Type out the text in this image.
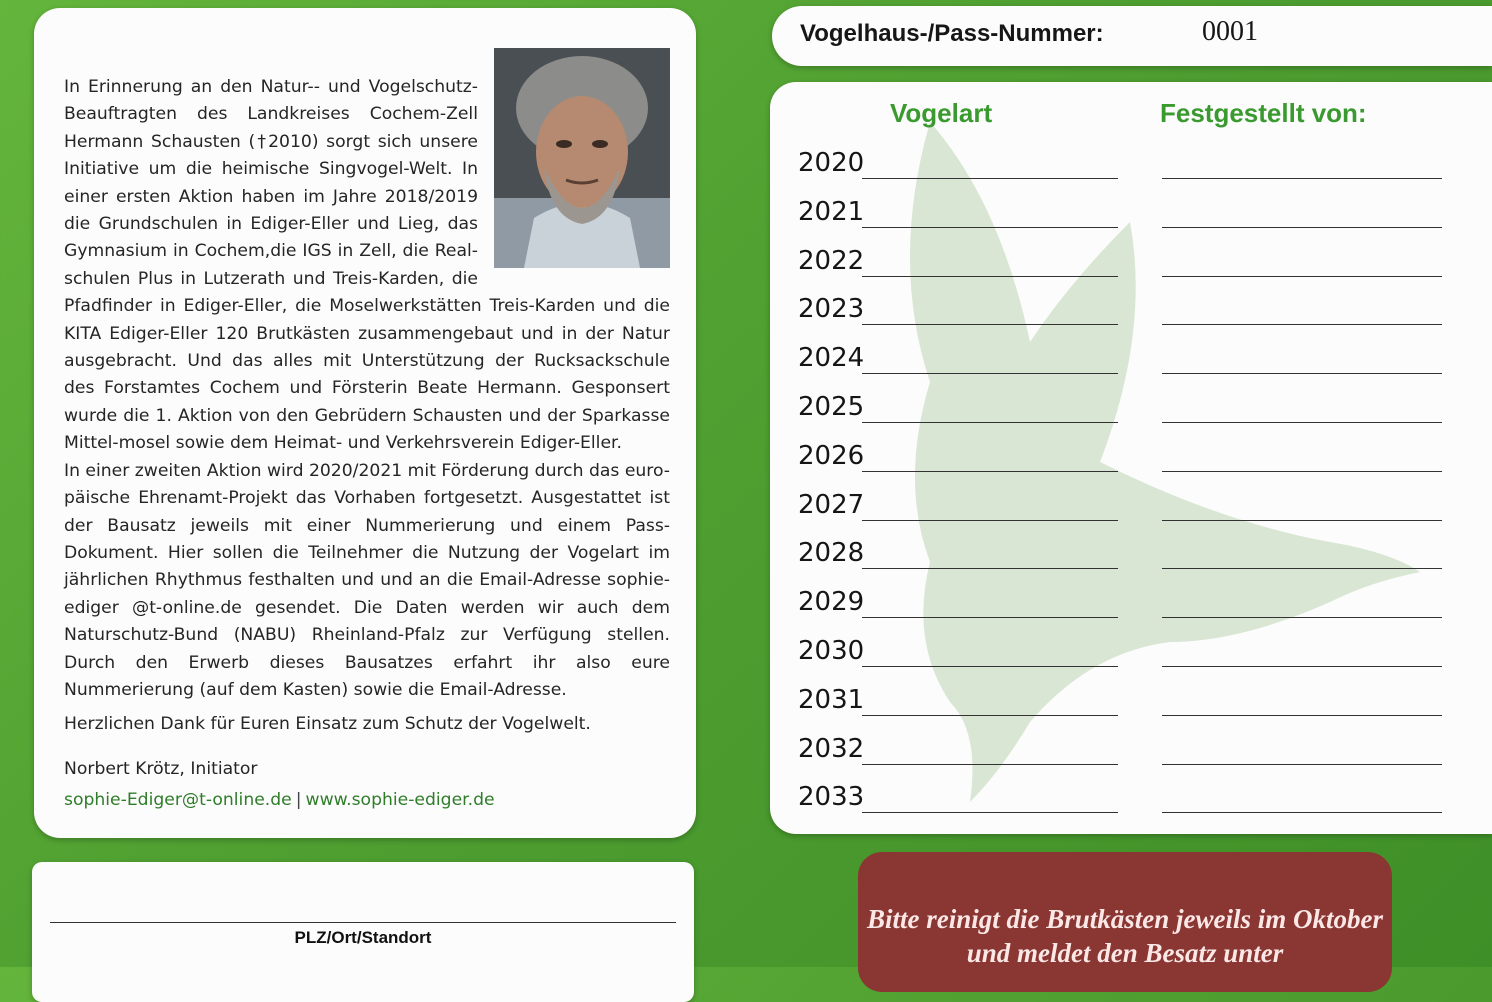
In Erinnerung an den Natur-- und Vogelschutz-Beauftragten des Landkreises Cochem-Zell Hermann Schausten (†2010) sorgt sich unsere Initiative um die heimische Singvogel-Welt. In einer ersten Aktion haben im Jahre 2018/2019 die Grundschulen in Ediger-Eller und Lieg, das Gymnasium in Cochem,die IGS in Zell, die Real-schulen Plus in Lutzerath und Treis-Karden, die Pfadfinder in Ediger-Eller, die Moselwerkstätten Treis-Karden und die KITA Ediger-Eller 120 Brutkästen zusammengebaut und in der Natur ausgebracht. Und das alles mit Unterstützung der Rucksackschule des Forstamtes Cochem und Försterin Beate Hermann. Gesponsert wurde die 1. Aktion von den Gebrüdern Schausten und der Sparkasse Mittel-mosel sowie dem Heimat- und Verkehrsverein Ediger-Eller.

In einer zweiten Aktion wird 2020/2021 mit Förderung durch das euro-päische Ehrenamt-Projekt das Vorhaben fortgesetzt. Ausgestattet ist der Bausatz jeweils mit einer Nummerierung und einem Pass-Dokument. Hier sollen die Teilnehmer die Nutzung der Vogelart im jährlichen Rhythmus festhalten und und an die Email-Adresse sophie-ediger @t-online.de gesendet. Die Daten werden wir auch dem Naturschutz-Bund (NABU) Rheinland-Pfalz zur Verfügung stellen. Durch den Erwerb dieses Bausatzes erfahrt ihr also eure Nummerierung (auf dem Kasten) sowie die Email-Adresse.

Herzlichen Dank für Euren Einsatz zum Schutz der Vogelwelt.
Norbert Krötz, Initiator
sophie-Ediger@t-online.de | www.sophie-ediger.de
PLZ/Ort/Standort
Vogelhaus-/Pass-Nummer:	0001
Vogelart	Festgestellt von:
2020
2021
2022
2023
2024
2025
2026
2027
2028
2029
2030
2031
2032
2033
Bitte reinigt die Brutkästen jeweils im Oktober
und meldet den Besatz unter
